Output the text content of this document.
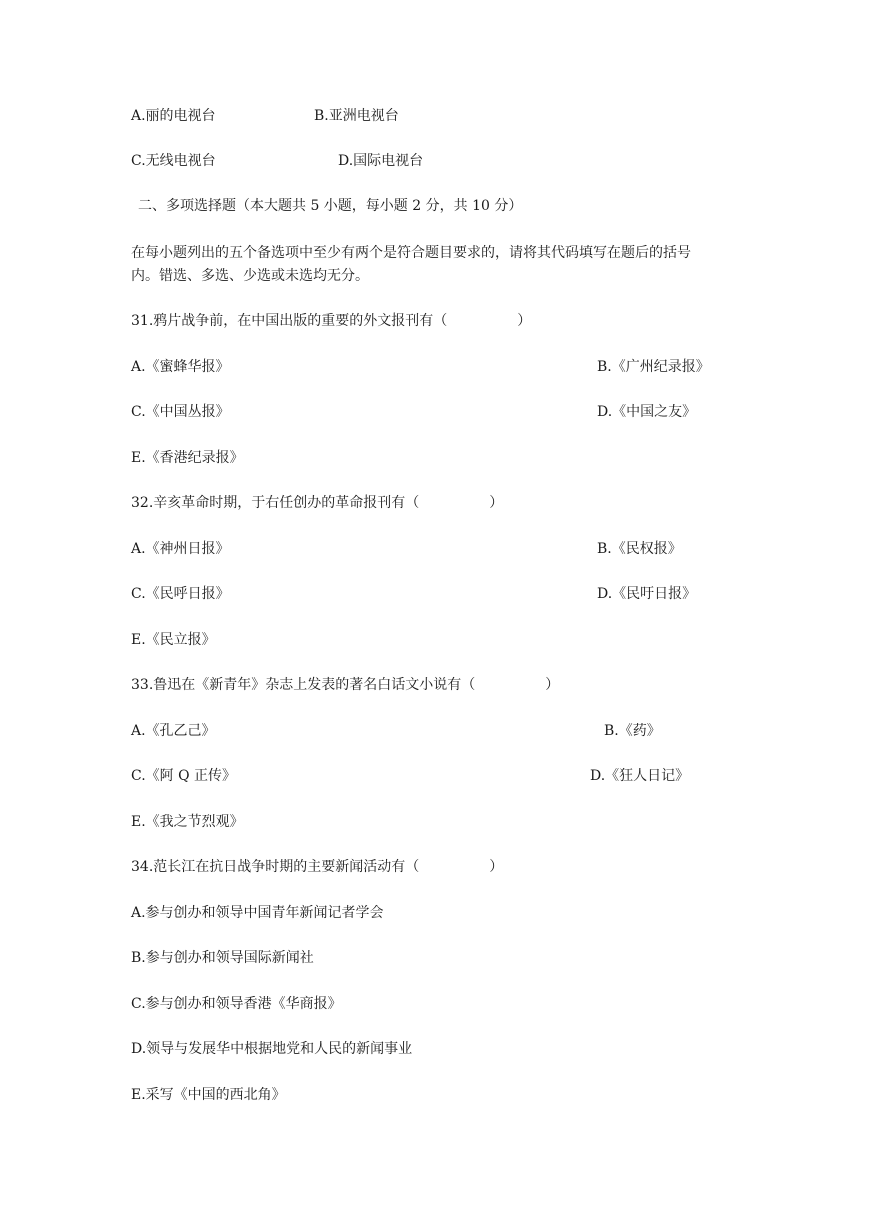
A.丽的电视台	B.亚洲电视台
C.无线电视台	D.国际电视台
二、多项选择题（本大题共 5 小题，每小题 2 分，共 10 分）
在每小题列出的五个备选项中至少有两个是符合题目要求的，请将其代码填写在题后的括号
内。错选、多选、少选或未选均无分。
31.鸦片战争前，在中国出版的重要的外文报刊有（　　　　　）
A.《蜜蜂华报》	B.《广州纪录报》
C.《中国丛报》	D.《中国之友》
E.《香港纪录报》
32.辛亥革命时期，于右任创办的革命报刊有（　　　　　）
A.《神州日报》	B.《民权报》
C.《民呼日报》	D.《民吁日报》
E.《民立报》
33.鲁迅在《新青年》杂志上发表的著名白话文小说有（　　　　　）
A.《孔乙己》	B.《药》
C.《阿 Q 正传》	D.《狂人日记》
E.《我之节烈观》
34.范长江在抗日战争时期的主要新闻活动有（　　　　　）
A.参与创办和领导中国青年新闻记者学会
B.参与创办和领导国际新闻社
C.参与创办和领导香港《华商报》
D.领导与发展华中根据地党和人民的新闻事业
E.采写《中国的西北角》
